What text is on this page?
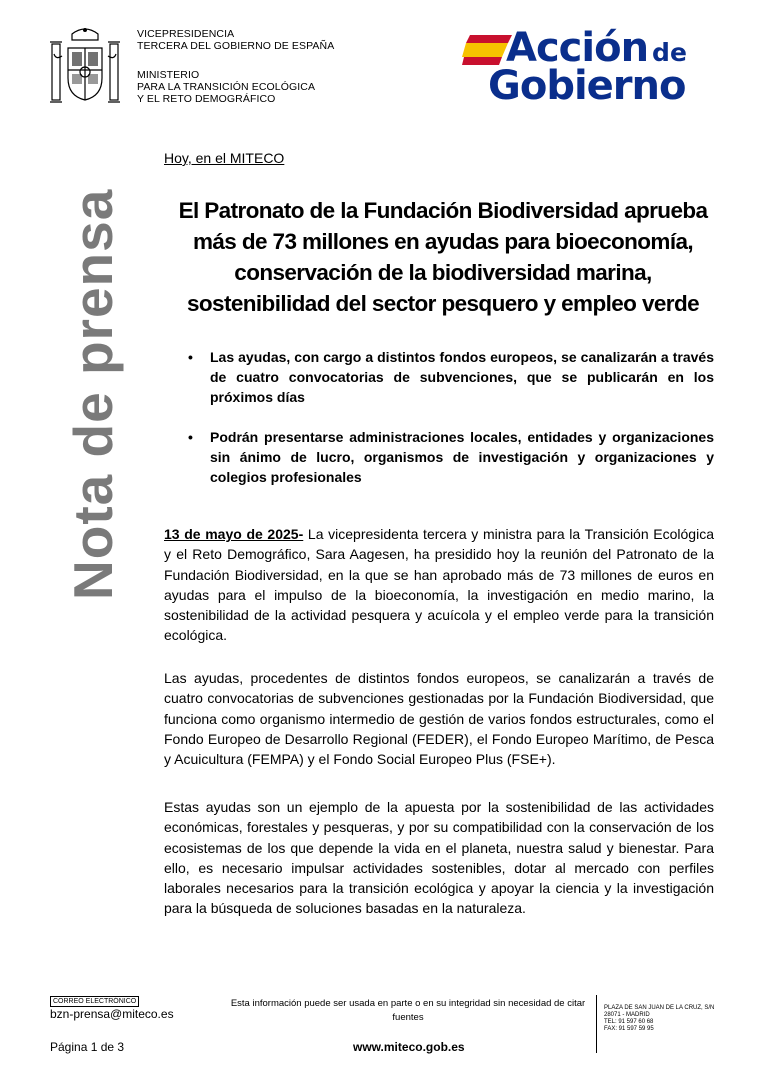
VICEPRESIDENCIA
TERCERA DEL GOBIERNO DE ESPAÑA
MINISTERIO
PARA LA TRANSICIÓN ECOLÓGICA
Y EL RETO DEMOGRÁFICO
Acción de
Gobierno
Nota de prensa
Hoy, en el MITECO
El Patronato de la Fundación Biodiversidad aprueba
más de 73 millones en ayudas para bioeconomía,
conservación de la biodiversidad marina,
sostenibilidad del sector pesquero y empleo verde
• Las ayudas, con cargo a distintos fondos europeos, se canalizarán a través de cuatro convocatorias de subvenciones, que se publicarán en los próximos días
• Podrán presentarse administraciones locales, entidades y organizaciones sin ánimo de lucro, organismos de investigación y organizaciones y colegios profesionales
13 de mayo de 2025- La vicepresidenta tercera y ministra para la Transición Ecológica y el Reto Demográfico, Sara Aagesen, ha presidido hoy la reunión del Patronato de la Fundación Biodiversidad, en la que se han aprobado más de 73 millones de euros en ayudas para el impulso de la bioeconomía, la investigación en medio marino, la sostenibilidad de la actividad pesquera y acuícola y el empleo verde para la transición ecológica.
Las ayudas, procedentes de distintos fondos europeos, se canalizarán a través de cuatro convocatorias de subvenciones gestionadas por la Fundación Biodiversidad, que funciona como organismo intermedio de gestión de varios fondos estructurales, como el Fondo Europeo de Desarrollo Regional (FEDER), el Fondo Europeo Marítimo, de Pesca y Acuicultura (FEMPA) y el Fondo Social Europeo Plus (FSE+).
Estas ayudas son un ejemplo de la apuesta por la sostenibilidad de las actividades económicas, forestales y pesqueras, y por su compatibilidad con la conservación de los ecosistemas de los que depende la vida en el planeta, nuestra salud y bienestar. Para ello, es necesario impulsar actividades sostenibles, dotar al mercado con perfiles laborales necesarios para la transición ecológica y apoyar la ciencia y la investigación para la búsqueda de soluciones basadas en la naturaleza.
CORREO ELECTRÓNICO
bzn-prensa@miteco.es
Esta información puede ser usada en parte o en su integridad sin necesidad de citar fuentes
PLAZA DE SAN JUAN DE LA CRUZ, S/N
28071 - MADRID
TEL: 91 597 60 68
FAX: 91 597 59 95
Página 1 de 3	www.miteco.gob.es
